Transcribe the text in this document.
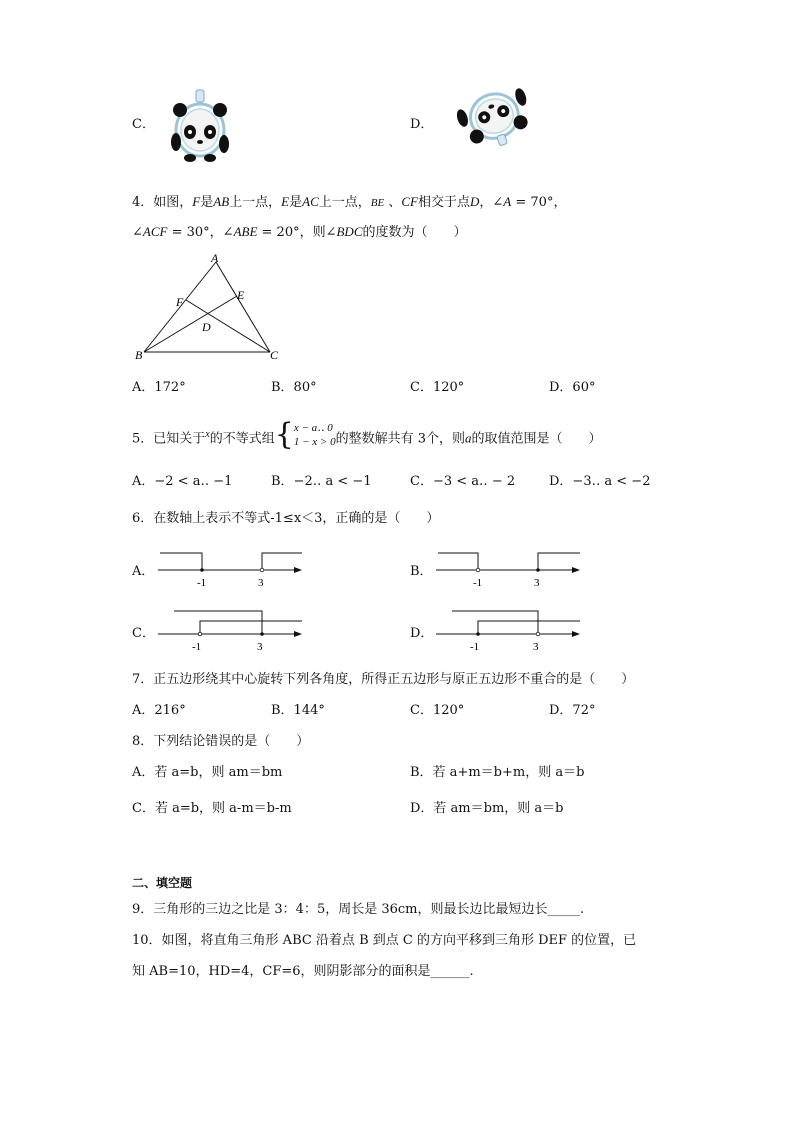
C．	D．
4．如图，F是AB上一点，E是AC上一点，BE 、CF相交于点D，∠A = 70°，
∠ACF = 30°，∠ABE = 20°，则∠BDC的度数为（　　）
A
B	C
D
E
F
A．172°	B．80°	C．120°	D．60°
5．已知关于$^x$的不等式组{x − a‥ 0
1 − x > 0的整数解共有 3个，则a的取值范围是（　　）
A．−2 < a‥ −1	B．−2‥ a < −1	C．−3 < a‥ − 2	D．−3‥ a < −2
6．在数轴上表示不等式-1≤x＜3，正确的是（　　）
A．
-1	3
B．
-1	3
C．
-1	3
D．
-1	3
7．正五边形绕其中心旋转下列各角度，所得正五边形与原正五边形不重合的是（　　）
A．216°	B．144°	C．120°	D．72°
8．下列结论错误的是（　　）
A．若 a=b，则 am＝bm	B．若 a+m＝b+m，则 a＝b
C．若 a=b，则 a-m＝b-m	D．若 am＝bm，则 a＝b
二、填空题
9．三角形的三边之比是 3：4：5，周长是 36cm，则最长边比最短边长_____.
10．如图，将直角三角形 ABC 沿着点 B 到点 C 的方向平移到三角形 DEF 的位置，已
知 AB=10，HD=4，CF=6，则阴影部分的面积是______.
